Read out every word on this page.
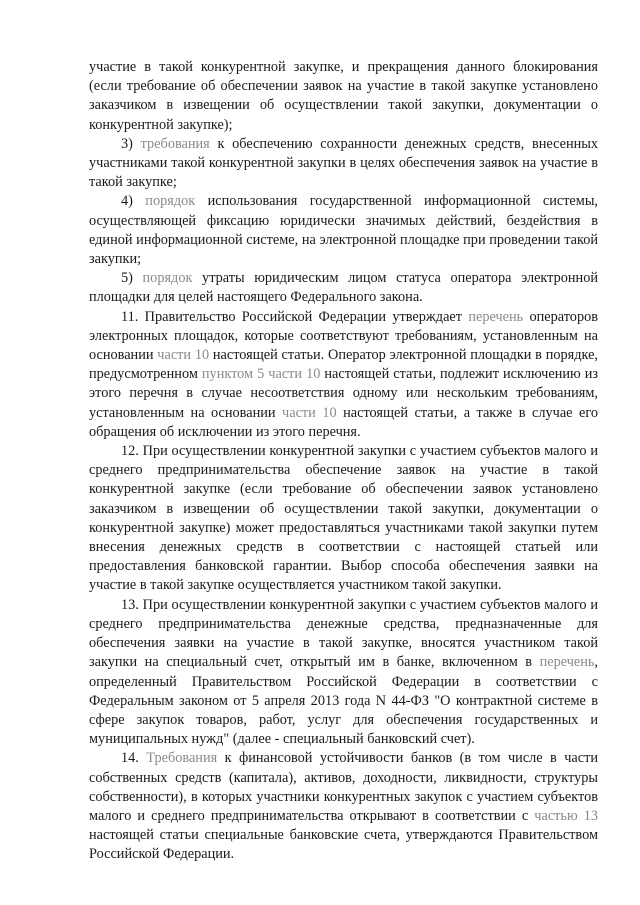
участие в такой конкурентной закупке, и прекращения данного блокирования (если требование об обеспечении заявок на участие в такой закупке установлено заказчиком в извещении об осуществлении такой закупки, документации о конкурентной закупке);

3) требования к обеспечению сохранности денежных средств, внесенных участниками такой конкурентной закупки в целях обеспечения заявок на участие в такой закупке;

4) порядок использования государственной информационной системы, осуществляющей фиксацию юридически значимых действий, бездействия в единой информационной системе, на электронной площадке при проведении такой закупки;

5) порядок утраты юридическим лицом статуса оператора электронной площадки для целей настоящего Федерального закона.

11. Правительство Российской Федерации утверждает перечень операторов электронных площадок, которые соответствуют требованиям, установленным на основании части 10 настоящей статьи. Оператор электронной площадки в порядке, предусмотренном пунктом 5 части 10 настоящей статьи, подлежит исключению из этого перечня в случае несоответствия одному или нескольким требованиям, установленным на основании части 10 настоящей статьи, а также в случае его обращения об исключении из этого перечня.

12. При осуществлении конкурентной закупки с участием субъектов малого и среднего предпринимательства обеспечение заявок на участие в такой конкурентной закупке (если требование об обеспечении заявок установлено заказчиком в извещении об осуществлении такой закупки, документации о конкурентной закупке) может предоставляться участниками такой закупки путем внесения денежных средств в соответствии с настоящей статьей или предоставления банковской гарантии. Выбор способа обеспечения заявки на участие в такой закупке осуществляется участником такой закупки.

13. При осуществлении конкурентной закупки с участием субъектов малого и среднего предпринимательства денежные средства, предназначенные для обеспечения заявки на участие в такой закупке, вносятся участником такой закупки на специальный счет, открытый им в банке, включенном в перечень, определенный Правительством Российской Федерации в соответствии с Федеральным законом от 5 апреля 2013 года N 44-ФЗ "О контрактной системе в сфере закупок товаров, работ, услуг для обеспечения государственных и муниципальных нужд" (далее - специальный банковский счет).

14. Требования к финансовой устойчивости банков (в том числе в части собственных средств (капитала), активов, доходности, ликвидности, структуры собственности), в которых участники конкурентных закупок с участием субъектов малого и среднего предпринимательства открывают в соответствии с частью 13 настоящей статьи специальные банковские счета, утверждаются Правительством Российской Федерации.
